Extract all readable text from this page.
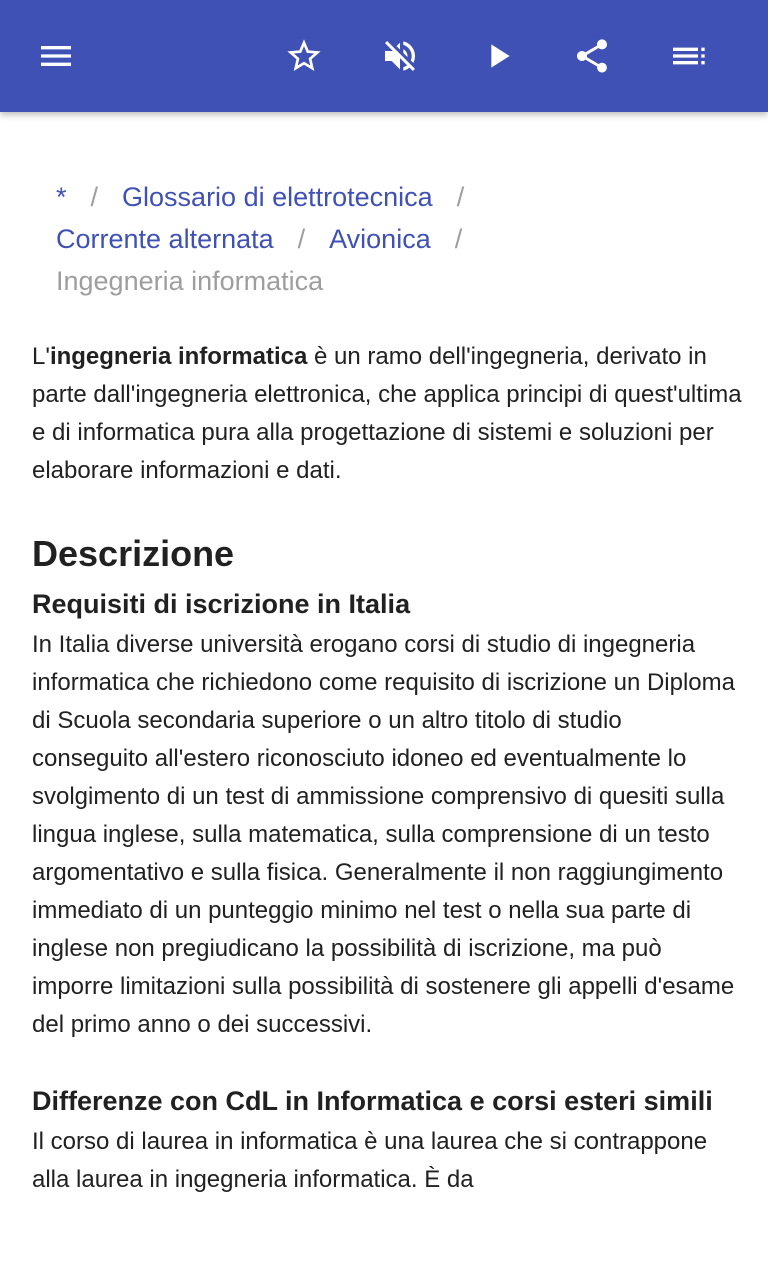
* / Glossario di elettrotecnica /
Corrente alternata / Avionica /
Ingegneria informatica

L'ingegneria informatica è un ramo dell'ingegneria, derivato in parte dall'ingegneria elettronica, che applica principi di quest'ultima e di informatica pura alla progettazione di sistemi e soluzioni per elaborare informazioni e dati.

Descrizione
Requisiti di iscrizione in Italia

In Italia diverse università erogano corsi di studio di ingegneria informatica che richiedono come requisito di iscrizione un Diploma di Scuola secondaria superiore o un altro titolo di studio conseguito all'estero riconosciuto idoneo ed eventualmente lo svolgimento di un test di ammissione comprensivo di quesiti sulla lingua inglese, sulla matematica, sulla comprensione di un testo argomentativo e sulla fisica. Generalmente il non raggiungimento immediato di un punteggio minimo nel test o nella sua parte di inglese non pregiudicano la possibilità di iscrizione, ma può imporre limitazioni sulla possibilità di sostenere gli appelli d'esame del primo anno o dei successivi.

Differenze con CdL in Informatica e corsi esteri simili

Il corso di laurea in informatica è una laurea che si contrappone alla laurea in ingegneria informatica. È da
